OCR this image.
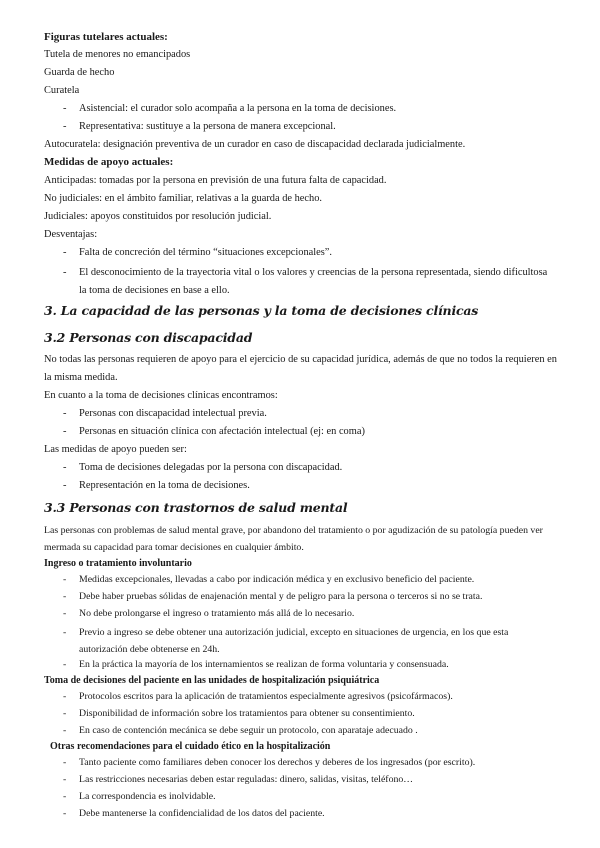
Figuras tutelares actuales:
Tutela de menores no emancipados
Guarda de hecho
Curatela
- Asistencial: el curador solo acompaña a la persona en la toma de decisiones.
- Representativa: sustituye a la persona de manera excepcional.
Autocuratela: designación preventiva de un curador en caso de discapacidad declarada judicialmente.
Medidas de apoyo actuales:
Anticipadas: tomadas por la persona en previsión de una futura falta de capacidad.
No judiciales: en el ámbito familiar, relativas a la guarda de hecho.
Judiciales: apoyos constituidos por resolución judicial.
Desventajas:
- Falta de concreción del término “situaciones excepcionales”.
- El desconocimiento de la trayectoria vital o los valores y creencias de la persona representada, siendo dificultosa la toma de decisiones en base a ello.
3. La capacidad de las personas y la toma de decisiones clínicas
3.2 Personas con discapacidad
No todas las personas requieren de apoyo para el ejercicio de su capacidad jurídica, además de que no todos la requieren en la misma medida.
En cuanto a la toma de decisiones clínicas encontramos:
- Personas con discapacidad intelectual previa.
- Personas en situación clínica con afectación intelectual (ej: en coma)
Las medidas de apoyo pueden ser:
- Toma de decisiones delegadas por la persona con discapacidad.
- Representación en la toma de decisiones.
3.3 Personas con trastornos de salud mental
Las personas con problemas de salud mental grave, por abandono del tratamiento o por agudización de su patología pueden ver mermada su capacidad para tomar decisiones en cualquier ámbito.
Ingreso o tratamiento involuntario
- Medidas excepcionales, llevadas a cabo por indicación médica y en exclusivo beneficio del paciente.
- Debe haber pruebas sólidas de enajenación mental y de peligro para la persona o terceros si no se trata.
- No debe prolongarse el ingreso o tratamiento más allá de lo necesario.
- Previo a ingreso se debe obtener una autorización judicial, excepto en situaciones de urgencia, en los que esta autorización debe obtenerse en 24h.
- En la práctica la mayoría de los internamientos se realizan de forma voluntaria y consensuada.
Toma de decisiones del paciente en las unidades de hospitalización psiquiátrica
- Protocolos escritos para la aplicación de tratamientos especialmente agresivos (psicofármacos).
- Disponibilidad de información sobre los tratamientos para obtener su consentimiento.
- En caso de contención mecánica se debe seguir un protocolo, con aparataje adecuado .
Otras recomendaciones para el cuidado ético en la hospitalización
- Tanto paciente como familiares deben conocer los derechos y deberes de los ingresados (por escrito).
- Las restricciones necesarias deben estar reguladas: dinero, salidas, visitas, teléfono…
- La correspondencia es inolvidable.
- Debe mantenerse la confidencialidad de los datos del paciente.
